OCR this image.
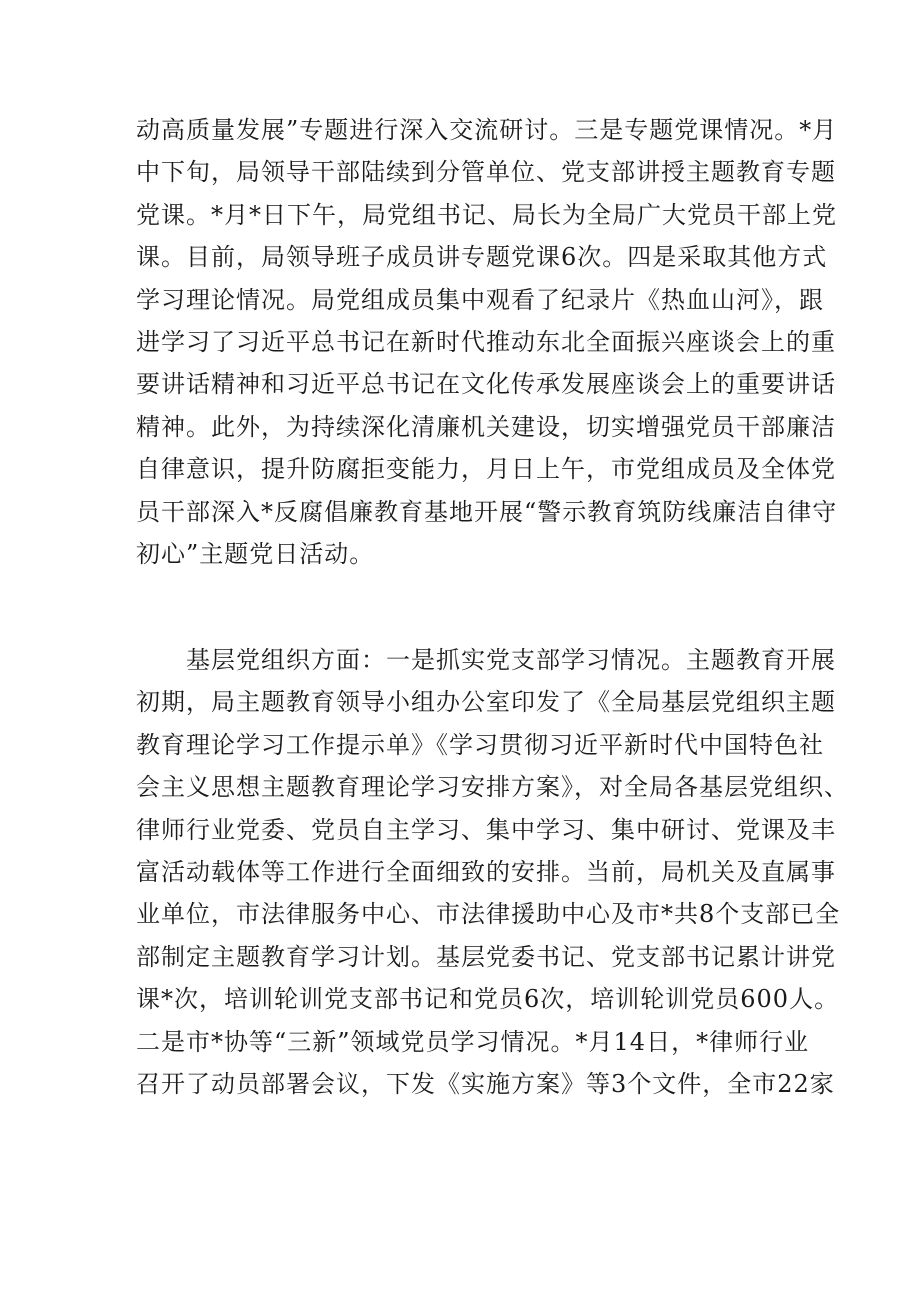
动高质量发展”专题进行深入交流研讨。三是专题党课情况。*月
中下旬，局领导干部陆续到分管单位、党支部讲授主题教育专题
党课。*月*日下午，局党组书记、局长为全局广大党员干部上党
课。目前，局领导班子成员讲专题党课6次。四是采取其他方式
学习理论情况。局党组成员集中观看了纪录片《热血山河》，跟
进学习了习近平总书记在新时代推动东北全面振兴座谈会上的重
要讲话精神和习近平总书记在文化传承发展座谈会上的重要讲话
精神。此外，为持续深化清廉机关建设，切实增强党员干部廉洁
自律意识，提升防腐拒变能力，月日上午，市党组成员及全体党
员干部深入*反腐倡廉教育基地开展“警示教育筑防线廉洁自律守
初心”主题党日活动。
　　基层党组织方面：一是抓实党支部学习情况。主题教育开展
初期，局主题教育领导小组办公室印发了《全局基层党组织主题
教育理论学习工作提示单》《学习贯彻习近平新时代中国特色社
会主义思想主题教育理论学习安排方案》，对全局各基层党组织、
律师行业党委、党员自主学习、集中学习、集中研讨、党课及丰
富活动载体等工作进行全面细致的安排。当前，局机关及直属事
业单位，市法律服务中心、市法律援助中心及市*共8个支部已全
部制定主题教育学习计划。基层党委书记、党支部书记累计讲党
课*次，培训轮训党支部书记和党员6次，培训轮训党员600人。
二是市*协等“三新”领域党员学习情况。*月14日，*律师行业
召开了动员部署会议，下发《实施方案》等3个文件，全市22家
